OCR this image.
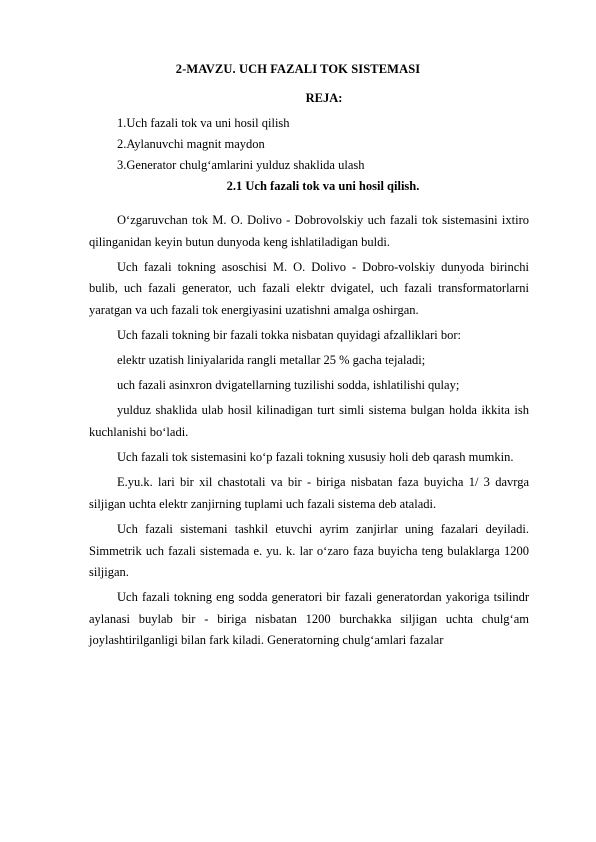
2-MAVZU. UCH FAZALI TOK SISTEMASI
REJA:
1.Uch fazali tok va uni hosil qilish
2.Aylanuvchi magnit maydon
3.Generator chulg‘amlarini yulduz shaklida ulash
2.1 Uch fazali tok va uni hosil qilish.

O‘zgaruvchan tok M. O. Dolivo - Dobrovolskiy uch fazali tok sistemasini ixtiro qilinganidan keyin butun dunyoda keng ishlatiladigan buldi.

Uch fazali tokning asoschisi M. O. Dolivo - Dobro-volskiy dunyoda birinchi bulib, uch fazali generator, uch fazali elektr dvigatel, uch fazali transformatorlarni yaratgan va uch fazali tok energiyasini uzatishni amalga oshirgan.

Uch fazali tokning bir fazali tokka nisbatan quyidagi afzalliklari bor:

elektr uzatish liniyalarida rangli metallar 25 % gacha tejaladi;

uch fazali asinxron dvigatellarning tuzilishi sodda, ishlatilishi qulay;

yulduz shaklida ulab hosil kilinadigan turt simli sistema bulgan holda ikkita ish kuchlanishi bo‘ladi.

Uch fazali tok sistemasini ko‘p fazali tokning xususiy holi deb qarash mumkin.

E.yu.k. lari bir xil chastotali va bir - biriga nisbatan faza buyicha 1/ 3 davrga siljigan uchta elektr zanjirning tuplami uch fazali sistema deb ataladi.

Uch fazali sistemani tashkil etuvchi ayrim zanjirlar uning fazalari deyiladi. Simmetrik uch fazali sistemada e. yu. k. lar o‘zaro faza buyicha teng bulaklarga 1200 siljigan.

Uch fazali tokning eng sodda generatori bir fazali generatordan yakoriga tsilindr aylanasi buylab bir - biriga nisbatan 1200 burchakka siljigan uchta chulg‘am joylashtirilganligi bilan fark kiladi. Generatorning chulg‘amlari fazalar
